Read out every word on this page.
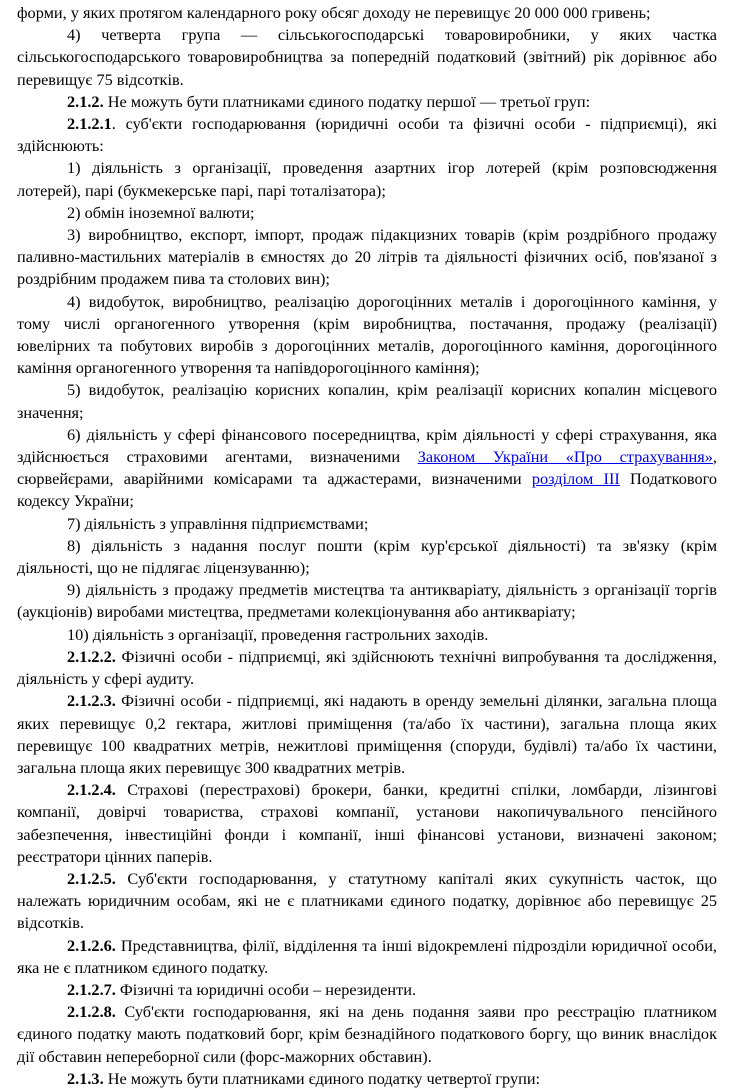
форми, у яких протягом календарного року обсяг доходу не перевищує 20 000 000 гривень;

4) четверта група — сільськогосподарські товаровиробники, у яких частка сільськогосподарського товаровиробництва за попередній податковий (звітний) рік дорівнює або перевищує 75 відсотків.

2.1.2. Не можуть бути платниками єдиного податку першої — третьої груп:

2.1.2.1. суб'єкти господарювання (юридичні особи та фізичні особи - підприємці), які здійснюють:

1) діяльність з організації, проведення азартних ігор лотерей (крім розповсюдження лотерей), парі (букмекерське парі, парі тоталізатора);

2) обмін іноземної валюти;

3) виробництво, експорт, імпорт, продаж підакцизних товарів (крім роздрібного продажу паливно-мастильних матеріалів в ємностях до 20 літрів та діяльності фізичних осіб, пов'язаної з роздрібним продажем пива та столових вин);

4) видобуток, виробництво, реалізацію дорогоцінних металів і дорогоцінного каміння, у тому числі органогенного утворення (крім виробництва, постачання, продажу (реалізації) ювелірних та побутових виробів з дорогоцінних металів, дорогоцінного каміння, дорогоцінного каміння органогенного утворення та напівдорогоцінного каміння);

5) видобуток, реалізацію корисних копалин, крім реалізації корисних копалин місцевого значення;

6) діяльність у сфері фінансового посередництва, крім діяльності у сфері страхування, яка здійснюється страховими агентами, визначеними Законом України «Про страхування», сюрвейєрами, аварійними комісарами та аджастерами, визначеними розділом III Податкового кодексу України;

7) діяльність з управління підприємствами;

8) діяльність з надання послуг пошти (крім кур'єрської діяльності) та зв'язку (крім діяльності, що не підлягає ліцензуванню);

9) діяльність з продажу предметів мистецтва та антикваріату, діяльність з організації торгів (аукціонів) виробами мистецтва, предметами колекціонування або антикваріату;

10) діяльність з організації, проведення гастрольних заходів.

2.1.2.2. Фізичні особи - підприємці, які здійснюють технічні випробування та дослідження, діяльність у сфері аудиту.

2.1.2.3. Фізичні особи - підприємці, які надають в оренду земельні ділянки, загальна площа яких перевищує 0,2 гектара, житлові приміщення (та/або їх частини), загальна площа яких перевищує 100 квадратних метрів, нежитлові приміщення (споруди, будівлі) та/або їх частини, загальна площа яких перевищує 300 квадратних метрів.

2.1.2.4. Страхові (перестрахові) брокери, банки, кредитні спілки, ломбарди, лізингові компанії, довірчі товариства, страхові компанії, установи накопичувального пенсійного забезпечення, інвестиційні фонди і компанії, інші фінансові установи, визначені законом; реєстратори цінних паперів.

2.1.2.5. Суб'єкти господарювання, у статутному капіталі яких сукупність часток, що належать юридичним особам, які не є платниками єдиного податку, дорівнює або перевищує 25 відсотків.

2.1.2.6. Представництва, філії, відділення та інші відокремлені підрозділи юридичної особи, яка не є платником єдиного податку.

2.1.2.7. Фізичні та юридичні особи – нерезиденти.

2.1.2.8. Суб'єкти господарювання, які на день подання заяви про реєстрацію платником єдиного податку мають податковий борг, крім безнадійного податкового боргу, що виник внаслідок дії обставин непереборної сили (форс-мажорних обставин).

2.1.3. Не можуть бути платниками єдиного податку четвертої групи:
